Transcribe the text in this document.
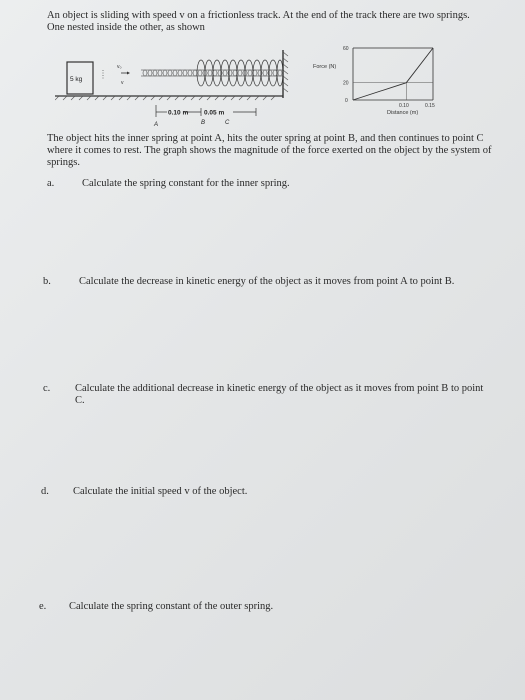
An object is sliding with speed v on a frictionless track. At the end of the track there are two springs. One nested inside the other, as shown
5 kg
v₀
v
0.10 m 0.05 m
A	B	C
Force (N)
60
20
0
0.10	0.15
Distance (m)
The object hits the inner spring at point A, hits the outer spring at point B, and then continues to point C where it comes to rest. The graph shows the magnitude of the force exerted on the object by the system of springs.
a.	Calculate the spring constant for the inner spring.
b.	Calculate the decrease in kinetic energy of the object as it moves from point A to point B.
c. Calculate the additional decrease in kinetic energy of the object as it moves from point B to point C.
d. Calculate the initial speed v of the object.
e. Calculate the spring constant of the outer spring.
